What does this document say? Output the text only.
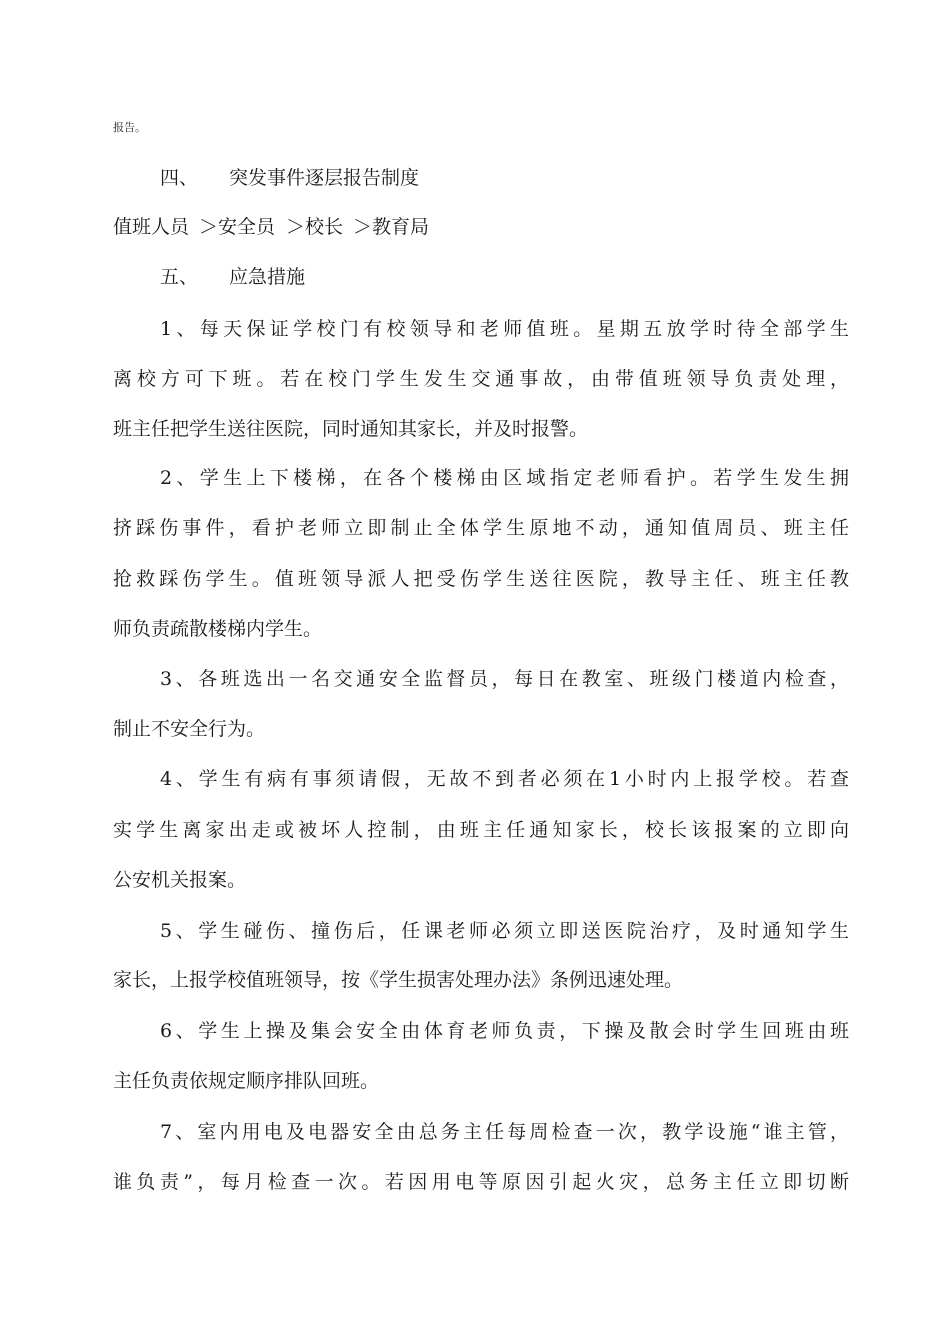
报告。
四、 突发事件逐层报告制度
值班人员 ＞安全员 ＞校长 ＞教育局
五、 应急措施
1、每天保证学校门有校领导和老师值班。星期五放学时待全部学生
离校方可下班。若在校门学生发生交通事故，由带值班领导负责处理，
班主任把学生送往医院，同时通知其家长，并及时报警。
2、学生上下楼梯，在各个楼梯由区域指定老师看护。若学生发生拥
挤踩伤事件，看护老师立即制止全体学生原地不动，通知值周员、班主任
抢救踩伤学生。值班领导派人把受伤学生送往医院，教导主任、班主任教
师负责疏散楼梯内学生。
3、各班选出一名交通安全监督员，每日在教室、班级门楼道内检查，
制止不安全行为。
4、学生有病有事须请假，无故不到者必须在1小时内上报学校。若查
实学生离家出走或被坏人控制，由班主任通知家长，校长该报案的立即向
公安机关报案。
5、学生碰伤、撞伤后，任课老师必须立即送医院治疗，及时通知学生
家长，上报学校值班领导，按《学生损害处理办法》条例迅速处理。
6、学生上操及集会安全由体育老师负责，下操及散会时学生回班由班
主任负责依规定顺序排队回班。
7、室内用电及电器安全由总务主任每周检查一次，教学设施“谁主管，
谁负责”，每月检查一次。若因用电等原因引起火灾，总务主任立即切断
